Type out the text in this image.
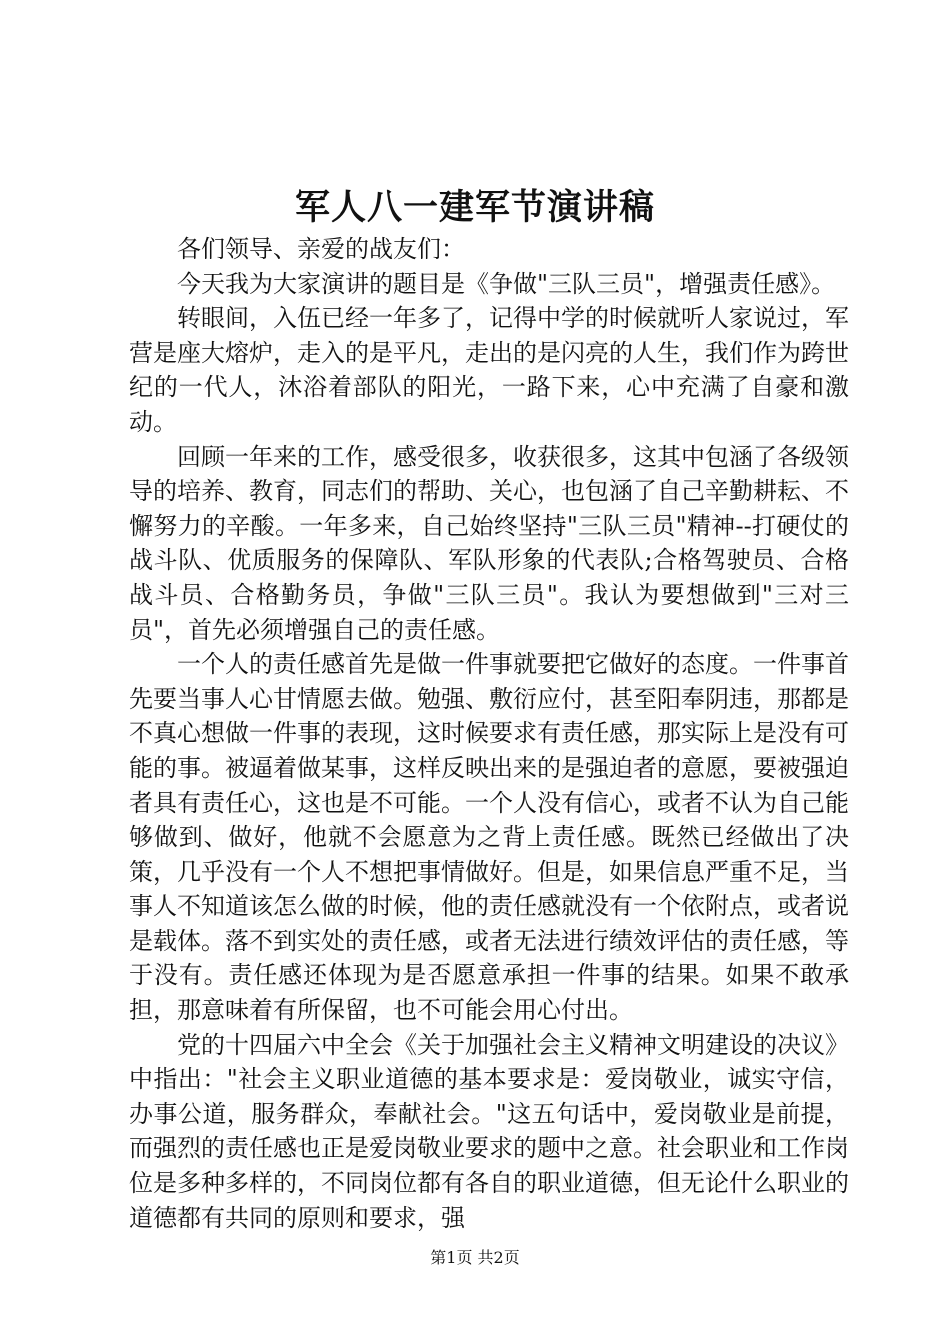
军人八一建军节演讲稿

各们领导、亲爱的战友们：

今天我为大家演讲的题目是《争做"三队三员"，增强责任感》。

转眼间，入伍已经一年多了，记得中学的时候就听人家说过，军营是座大熔炉，走入的是平凡，走出的是闪亮的人生，我们作为跨世纪的一代人，沐浴着部队的阳光，一路下来，心中充满了自豪和激动。

回顾一年来的工作，感受很多，收获很多，这其中包涵了各级领导的培养、教育，同志们的帮助、关心，也包涵了自己辛勤耕耘、不懈努力的辛酸。一年多来，自己始终坚持"三队三员"精神--打硬仗的战斗队、优质服务的保障队、军队形象的代表队;合格驾驶员、合格战斗员、合格勤务员，争做"三队三员"。我认为要想做到"三对三员"，首先必须增强自己的责任感。

一个人的责任感首先是做一件事就要把它做好的态度。一件事首先要当事人心甘情愿去做。勉强、敷衍应付，甚至阳奉阴违，那都是不真心想做一件事的表现，这时候要求有责任感，那实际上是没有可能的事。被逼着做某事，这样反映出来的是强迫者的意愿，要被强迫者具有责任心，这也是不可能。一个人没有信心，或者不认为自己能够做到、做好，他就不会愿意为之背上责任感。既然已经做出了决策，几乎没有一个人不想把事情做好。但是，如果信息严重不足，当事人不知道该怎么做的时候，他的责任感就没有一个依附点，或者说是载体。落不到实处的责任感，或者无法进行绩效评估的责任感，等于没有。责任感还体现为是否愿意承担一件事的结果。如果不敢承担，那意味着有所保留，也不可能会用心付出。

党的十四届六中全会《关于加强社会主义精神文明建设的决议》中指出："社会主义职业道德的基本要求是：爱岗敬业，诚实守信，办事公道，服务群众，奉献社会。"这五句话中，爱岗敬业是前提，而强烈的责任感也正是爱岗敬业要求的题中之意。社会职业和工作岗位是多种多样的，不同岗位都有各自的职业道德，但无论什么职业的道德都有共同的原则和要求，强

第1页 共2页
